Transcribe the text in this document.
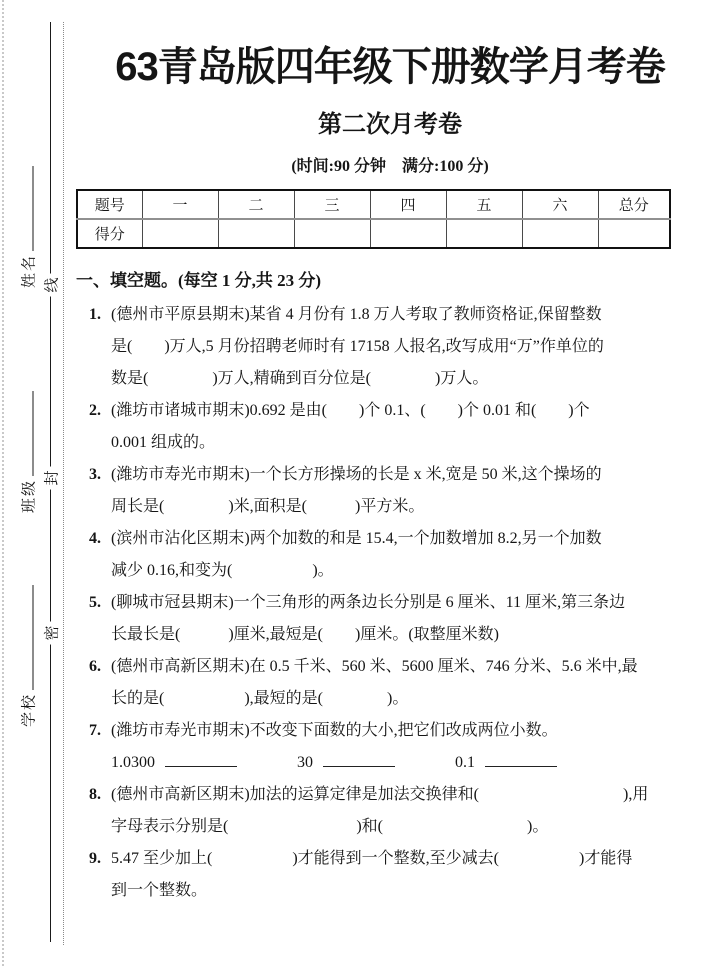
姓名
班级
学校
线
封
密
63青岛版四年级下册数学月考卷
第二次月考卷
(时间:90 分钟　满分:100 分)
题号	一	二	三	四	五	六	总分
得分							
一、填空题。(每空 1 分,共 23 分)
1. (德州市平原县期末)某省 4 月份有 1.8 万人考取了教师资格证,保留整数
是(　　)万人,5 月份招聘老师时有 17158 人报名,改写成用“万”作单位的
数是(　　　　)万人,精确到百分位是(　　　　)万人。
2. (潍坊市诸城市期末)0.692 是由(　　)个 0.1、(　　)个 0.01 和(　　)个
0.001 组成的。
3. (潍坊市寿光市期末)一个长方形操场的长是 x 米,宽是 50 米,这个操场的
周长是(　　　　)米,面积是(　　　)平方米。
4. (滨州市沾化区期末)两个加数的和是 15.4,一个加数增加 8.2,另一个加数
减少 0.16,和变为(　　　　　)。
5. (聊城市冠县期末)一个三角形的两条边长分别是 6 厘米、11 厘米,第三条边
长最长是(　　　)厘米,最短是(　　)厘米。(取整厘米数)
6. (德州市高新区期末)在 0.5 千米、560 米、5600 厘米、746 分米、5.6 米中,最
长的是(　　　　　),最短的是(　　　　)。
7. (潍坊市寿光市期末)不改变下面数的大小,把它们改成两位小数。
1.0300	30	0.1
8. (德州市高新区期末)加法的运算定律是加法交换律和(　　　　　　　　　),用
字母表示分别是(　　　　　　　　)和(　　　　　　　　　)。
9. 5.47 至少加上(　　　　　)才能得到一个整数,至少减去(　　　　　)才能得
到一个整数。
